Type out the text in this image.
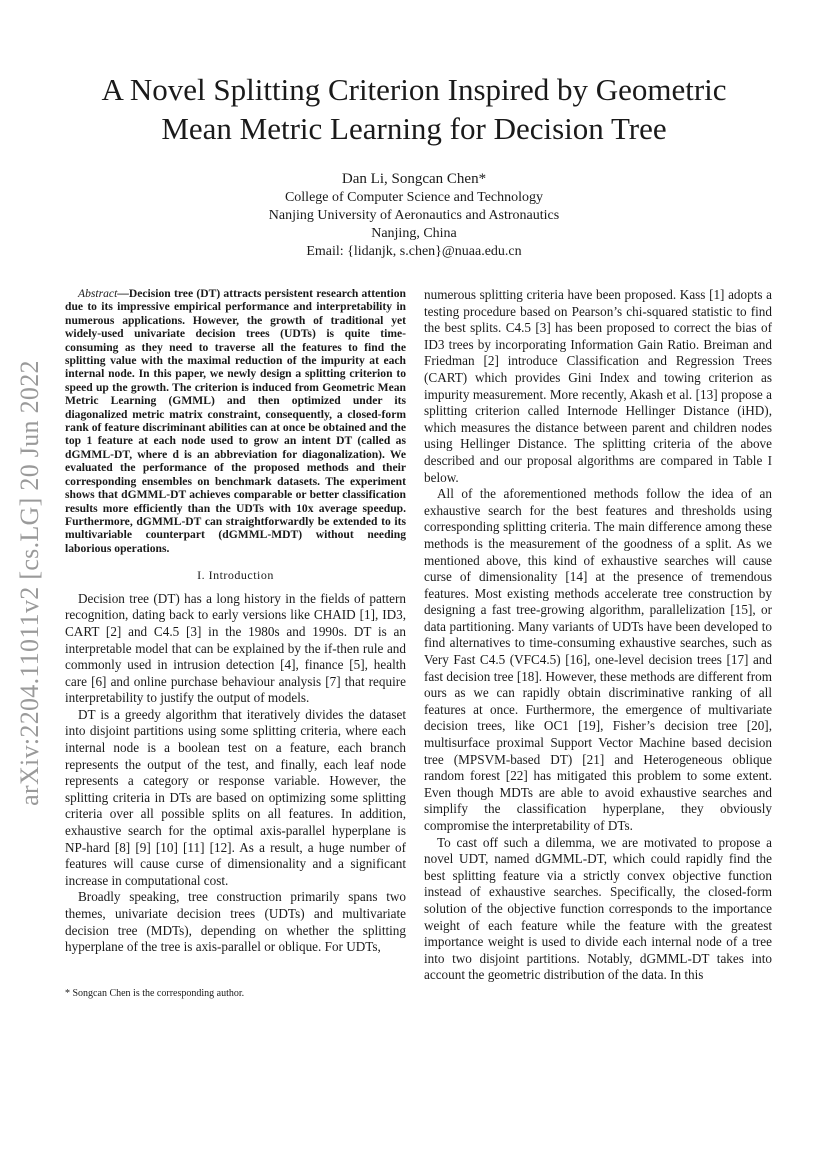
arXiv:2204.11011v2 [cs.LG] 20 Jun 2022
A Novel Splitting Criterion Inspired by Geometric
Mean Metric Learning for Decision Tree
Dan Li, Songcan Chen*
College of Computer Science and Technology
Nanjing University of Aeronautics and Astronautics
Nanjing, China
Email: {lidanjk, s.chen}@nuaa.edu.cn

Abstract—Decision tree (DT) attracts persistent research attention due to its impressive empirical performance and interpretability in numerous applications. However, the growth of traditional yet widely-used univariate decision trees (UDTs) is quite time-consuming as they need to traverse all the features to find the splitting value with the maximal reduction of the impurity at each internal node. In this paper, we newly design a splitting criterion to speed up the growth. The criterion is induced from Geometric Mean Metric Learning (GMML) and then optimized under its diagonalized metric matrix constraint, consequently, a closed-form rank of feature discriminant abilities can at once be obtained and the top 1 feature at each node used to grow an intent DT (called as dGMML-DT, where d is an abbreviation for diagonalization). We evaluated the performance of the proposed methods and their corresponding ensembles on benchmark datasets. The experiment shows that dGMML-DT achieves comparable or better classification results more efficiently than the UDTs with 10x average speedup. Furthermore, dGMML-DT can straightforwardly be extended to its multivariable counterpart (dGMML-MDT) without needing laborious operations.

I. Introduction

Decision tree (DT) has a long history in the fields of pattern recognition, dating back to early versions like CHAID [1], ID3, CART [2] and C4.5 [3] in the 1980s and 1990s. DT is an interpretable model that can be explained by the if-then rule and commonly used in intrusion detection [4], finance [5], health care [6] and online purchase behaviour analysis [7] that require interpretability to justify the output of models.

DT is a greedy algorithm that iteratively divides the dataset into disjoint partitions using some splitting criteria, where each internal node is a boolean test on a feature, each branch represents the output of the test, and finally, each leaf node represents a category or response variable. However, the splitting criteria in DTs are based on optimizing some splitting criteria over all possible splits on all features. In addition, exhaustive search for the optimal axis-parallel hyperplane is NP-hard [8] [9] [10] [11] [12]. As a result, a huge number of features will cause curse of dimensionality and a significant increase in computational cost.

Broadly speaking, tree construction primarily spans two themes, univariate decision trees (UDTs) and multivariate decision tree (MDTs), depending on whether the splitting hyperplane of the tree is axis-parallel or oblique. For UDTs,

* Songcan Chen is the corresponding author.

numerous splitting criteria have been proposed. Kass [1] adopts a testing procedure based on Pearson’s chi-squared statistic to find the best splits. C4.5 [3] has been proposed to correct the bias of ID3 trees by incorporating Information Gain Ratio. Breiman and Friedman [2] introduce Classification and Regression Trees (CART) which provides Gini Index and towing criterion as impurity measurement. More recently, Akash et al. [13] propose a splitting criterion called Internode Hellinger Distance (iHD), which measures the distance between parent and children nodes using Hellinger Distance. The splitting criteria of the above described and our proposal algorithms are compared in Table I below.

All of the aforementioned methods follow the idea of an exhaustive search for the best features and thresholds using corresponding splitting criteria. The main difference among these methods is the measurement of the goodness of a split. As we mentioned above, this kind of exhaustive searches will cause curse of dimensionality [14] at the presence of tremendous features. Most existing methods accelerate tree construction by designing a fast tree-growing algorithm, parallelization [15], or data partitioning. Many variants of UDTs have been developed to find alternatives to time-consuming exhaustive searches, such as Very Fast C4.5 (VFC4.5) [16], one-level decision trees [17] and fast decision tree [18]. However, these methods are different from ours as we can rapidly obtain discriminative ranking of all features at once. Furthermore, the emergence of multivariate decision trees, like OC1 [19], Fisher’s decision tree [20], multisurface proximal Support Vector Machine based decision tree (MPSVM-based DT) [21] and Heterogeneous oblique random forest [22] has mitigated this problem to some extent. Even though MDTs are able to avoid exhaustive searches and simplify the classification hyperplane, they obviously compromise the interpretability of DTs.

To cast off such a dilemma, we are motivated to propose a novel UDT, named dGMML-DT, which could rapidly find the best splitting feature via a strictly convex objective function instead of exhaustive searches. Specifically, the closed-form solution of the objective function corresponds to the importance weight of each feature while the feature with the greatest importance weight is used to divide each internal node of a tree into two disjoint partitions. Notably, dGMML-DT takes into account the geometric distribution of the data. In this
